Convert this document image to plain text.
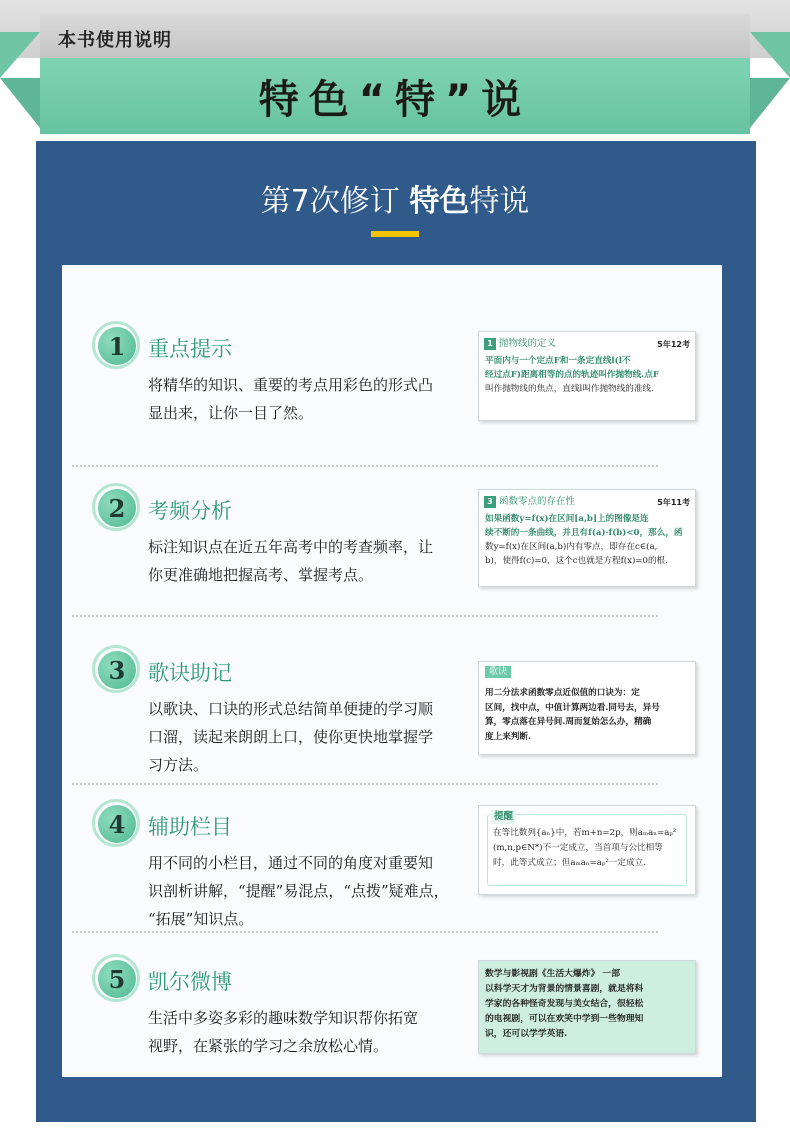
本书使用说明
特色“特”说
第7次修订 特色特说
1	重点提示
将精华的知识、重要的考点用彩色的形式凸
显出来，让你一目了然。
1 抛物线的定义	5年12考
平面内与一个定点F和一条定直线l(l不
经过点F)距离相等的点的轨迹叫作抛物线.点F
叫作抛物线的焦点，直线l叫作抛物线的准线.
2	考频分析
标注知识点在近五年高考中的考查频率，让
你更准确地把握高考、掌握考点。
3 函数零点的存在性	5年11考
如果函数y=f(x)在区间[a,b]上的图像是连
续不断的一条曲线，并且有f(a)·f(b)<0，那么，函
数y=f(x)在区间(a,b)内有零点，即存在c∈(a,
b)，使得f(c)=0，这个c也就是方程f(x)=0的根.
3	歌诀助记
以歌诀、口诀的形式总结简单便捷的学习顺
口溜，读起来朗朗上口，使你更快地掌握学
习方法。
歌诀
用二分法求函数零点近似值的口诀为：定
区间，找中点，中值计算两边看.同号去，异号
算，零点落在异号间.周而复始怎么办，精确
度上来判断.
4	辅助栏目
用不同的小栏目，通过不同的角度对重要知
识剖析讲解，“提醒”易混点，“点拨”疑难点，
“拓展”知识点。
提醒
在等比数列{aₙ}中，若m+n=2p，则aₘaₙ=aₚ²
(m,n,p∈N*)不一定成立，当首项与公比相等
时，此等式成立；但aₘaₙ=aₚ²一定成立.
5	凯尔微博
生活中多姿多彩的趣味数学知识帮你拓宽
视野，在紧张的学习之余放松心情。
数学与影视剧《生活大爆炸》 一部
以科学天才为背景的情景喜剧，就是将科
学家的各种怪奇发现与美女结合，很轻松
的电视剧，可以在欢笑中学到一些物理知
识，还可以学学英语.
